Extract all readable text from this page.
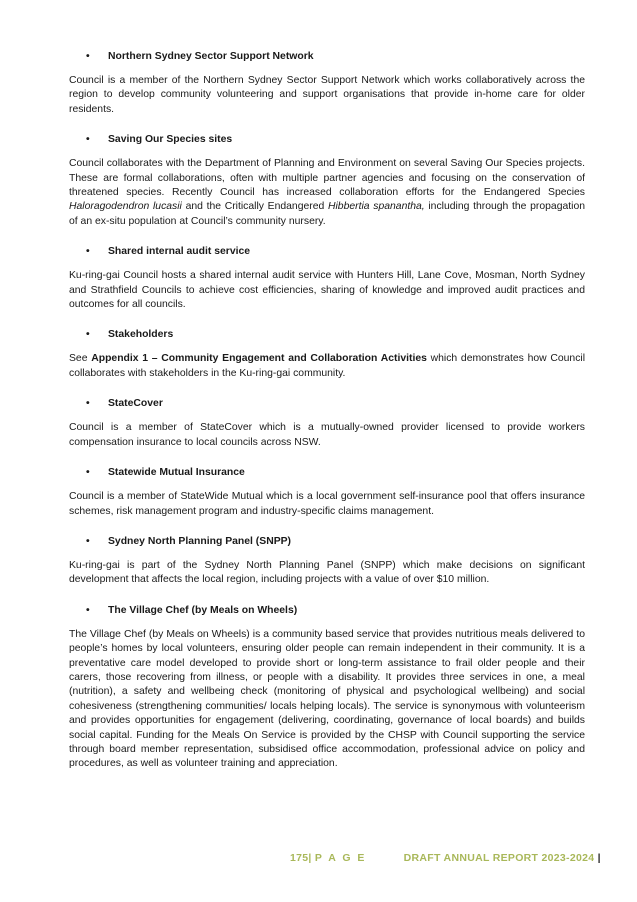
•	Northern Sydney Sector Support Network

Council is a member of the Northern Sydney Sector Support Network which works collaboratively across the region to develop community volunteering and support organisations that provide in-home care for older residents.

•	Saving Our Species sites

Council collaborates with the Department of Planning and Environment on several Saving Our Species projects. These are formal collaborations, often with multiple partner agencies and focusing on the conservation of threatened species. Recently Council has increased collaboration efforts for the Endangered Species Haloragodendron lucasii and the Critically Endangered Hibbertia spanantha, including through the propagation of an ex-situ population at Council’s community nursery.

•	Shared internal audit service

Ku-ring-gai Council hosts a shared internal audit service with Hunters Hill, Lane Cove, Mosman, North Sydney and Strathfield Councils to achieve cost efficiencies, sharing of knowledge and improved audit practices and outcomes for all councils.

•	Stakeholders

See Appendix 1 – Community Engagement and Collaboration Activities which demonstrates how Council collaborates with stakeholders in the Ku-ring-gai community.

•	StateCover

Council is a member of StateCover which is a mutually-owned provider licensed to provide workers compensation insurance to local councils across NSW.

•	Statewide Mutual Insurance

Council is a member of StateWide Mutual which is a local government self-insurance pool that offers insurance schemes, risk management program and industry-specific claims management.

•	Sydney North Planning Panel (SNPP)

Ku-ring-gai is part of the Sydney North Planning Panel (SNPP) which make decisions on significant development that affects the local region, including projects with a value of over $10 million.

•	The Village Chef (by Meals on Wheels)

The Village Chef (by Meals on Wheels) is a community based service that provides nutritious meals delivered to people’s homes by local volunteers, ensuring older people can remain independent in their community. It is a preventative care model developed to provide short or long-term assistance to frail older people and their carers, those recovering from illness, or people with a disability. It provides three services in one, a meal (nutrition), a safety and wellbeing check (monitoring of physical and psychological wellbeing) and social cohesiveness (strengthening communities/ locals helping locals). The service is synonymous with volunteerism and provides opportunities for engagement (delivering, coordinating, governance of local boards) and builds social capital. Funding for the Meals On Service is provided by the CHSP with Council supporting the service through board member representation, subsidised office accommodation, professional advice on policy and procedures, as well as volunteer training and appreciation.

175| P A G E	DRAFT ANNUAL REPORT 2023-2024 |
